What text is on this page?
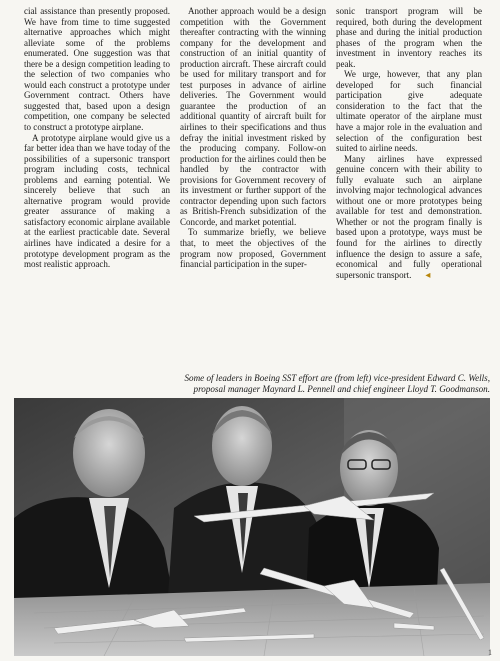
cial assistance than presently proposed. We have from time to time suggested alternative approaches which might alleviate some of the problems enumerated. One suggestion was that there be a design competition leading to the selection of two companies who would each construct a prototype under Government contract. Others have suggested that, based upon a design competition, one company be selected to construct a prototype airplane.

A prototype airplane would give us a far better idea than we have today of the possibilities of a supersonic transport program including costs, technical problems and earning potential. We sincerely believe that such an alternative program would provide greater assurance of making a satisfactory economic airplane available at the earliest practicable date. Several airlines have indicated a desire for a prototype development program as the most realistic approach.

Another approach would be a design competition with the Government thereafter contracting with the winning company for the development and construction of an initial quantity of production aircraft. These aircraft could be used for military transport and for test purposes in advance of airline deliveries. The Government would guarantee the production of an additional quantity of aircraft built for airlines to their specifications and thus defray the initial investment risked by the producing company. Follow-on production for the airlines could then be handled by the contractor with provisions for Government recovery of its investment or further support of the contractor depending upon such factors as British-French subsidization of the Concorde, and market potential.

To summarize briefly, we believe that, to meet the objectives of the program now proposed, Government financial participation in the super-

sonic transport program will be required, both during the development phase and during the initial production phases of the program when the investment in inventory reaches its peak.

We urge, however, that any plan developed for such financial participation give adequate consideration to the fact that the ultimate operator of the airplane must have a major role in the evaluation and selection of the configuration best suited to airline needs.

Many airlines have expressed genuine concern with their ability to fully evaluate such an airplane involving major technological advances without one or more prototypes being available for test and demonstration. Whether or not the program finally is based upon a prototype, ways must be found for the airlines to directly influence the design to assure a safe, economical and fully operational supersonic transport. ◂

Some of leaders in Boeing SST effort are (from left) vice-president Edward C. Wells,
proposal manager Maynard L. Pennell and chief engineer Lloyd T. Goodmanson.
1
